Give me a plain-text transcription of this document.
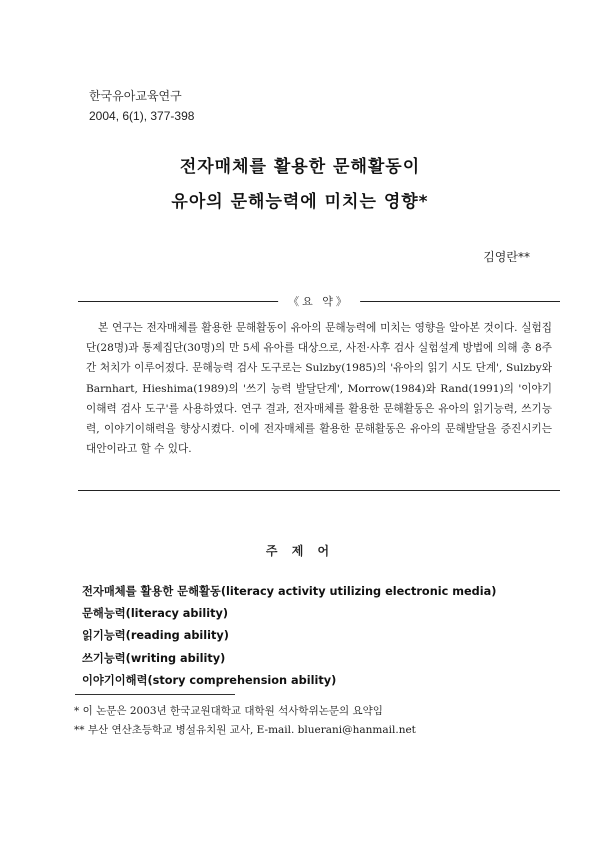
한국유아교육연구
2004, 6(1), 377-398
전자매체를 활용한 문해활동이
유아의 문해능력에 미치는 영향*
김영란**
《요 약》

본 연구는 전자매체를 활용한 문해활동이 유아의 문해능력에 미치는 영향을 알아본 것이다. 실험집단(28명)과 통제집단(30명)의 만 5세 유아를 대상으로, 사전·사후 검사 실험설계 방법에 의해 총 8주간 처치가 이루어졌다. 문해능력 검사 도구로는 Sulzby(1985)의 '유아의 읽기 시도 단계', Sulzby와 Barnhart, Hieshima(1989)의 '쓰기 능력 발달단계', Morrow(1984)와 Rand(1991)의 '이야기이해력 검사 도구'를 사용하였다. 연구 결과, 전자매체를 활용한 문해활동은 유아의 읽기능력, 쓰기능력, 이야기이해력을 향상시켰다. 이에 전자매체를 활용한 문해활동은 유아의 문해발달을 증진시키는 대안이라고 할 수 있다.

주 제 어
전자매체를 활용한 문해활동(literacy activity utilizing electronic media)
문해능력(literacy ability)
읽기능력(reading ability)
쓰기능력(writing ability)
이야기이해력(story comprehension ability)
* 이 논문은 2003년 한국교원대학교 대학원 석사학위논문의 요약임
** 부산 연산초등학교 병설유치원 교사, E-mail. bluerani@hanmail.net
